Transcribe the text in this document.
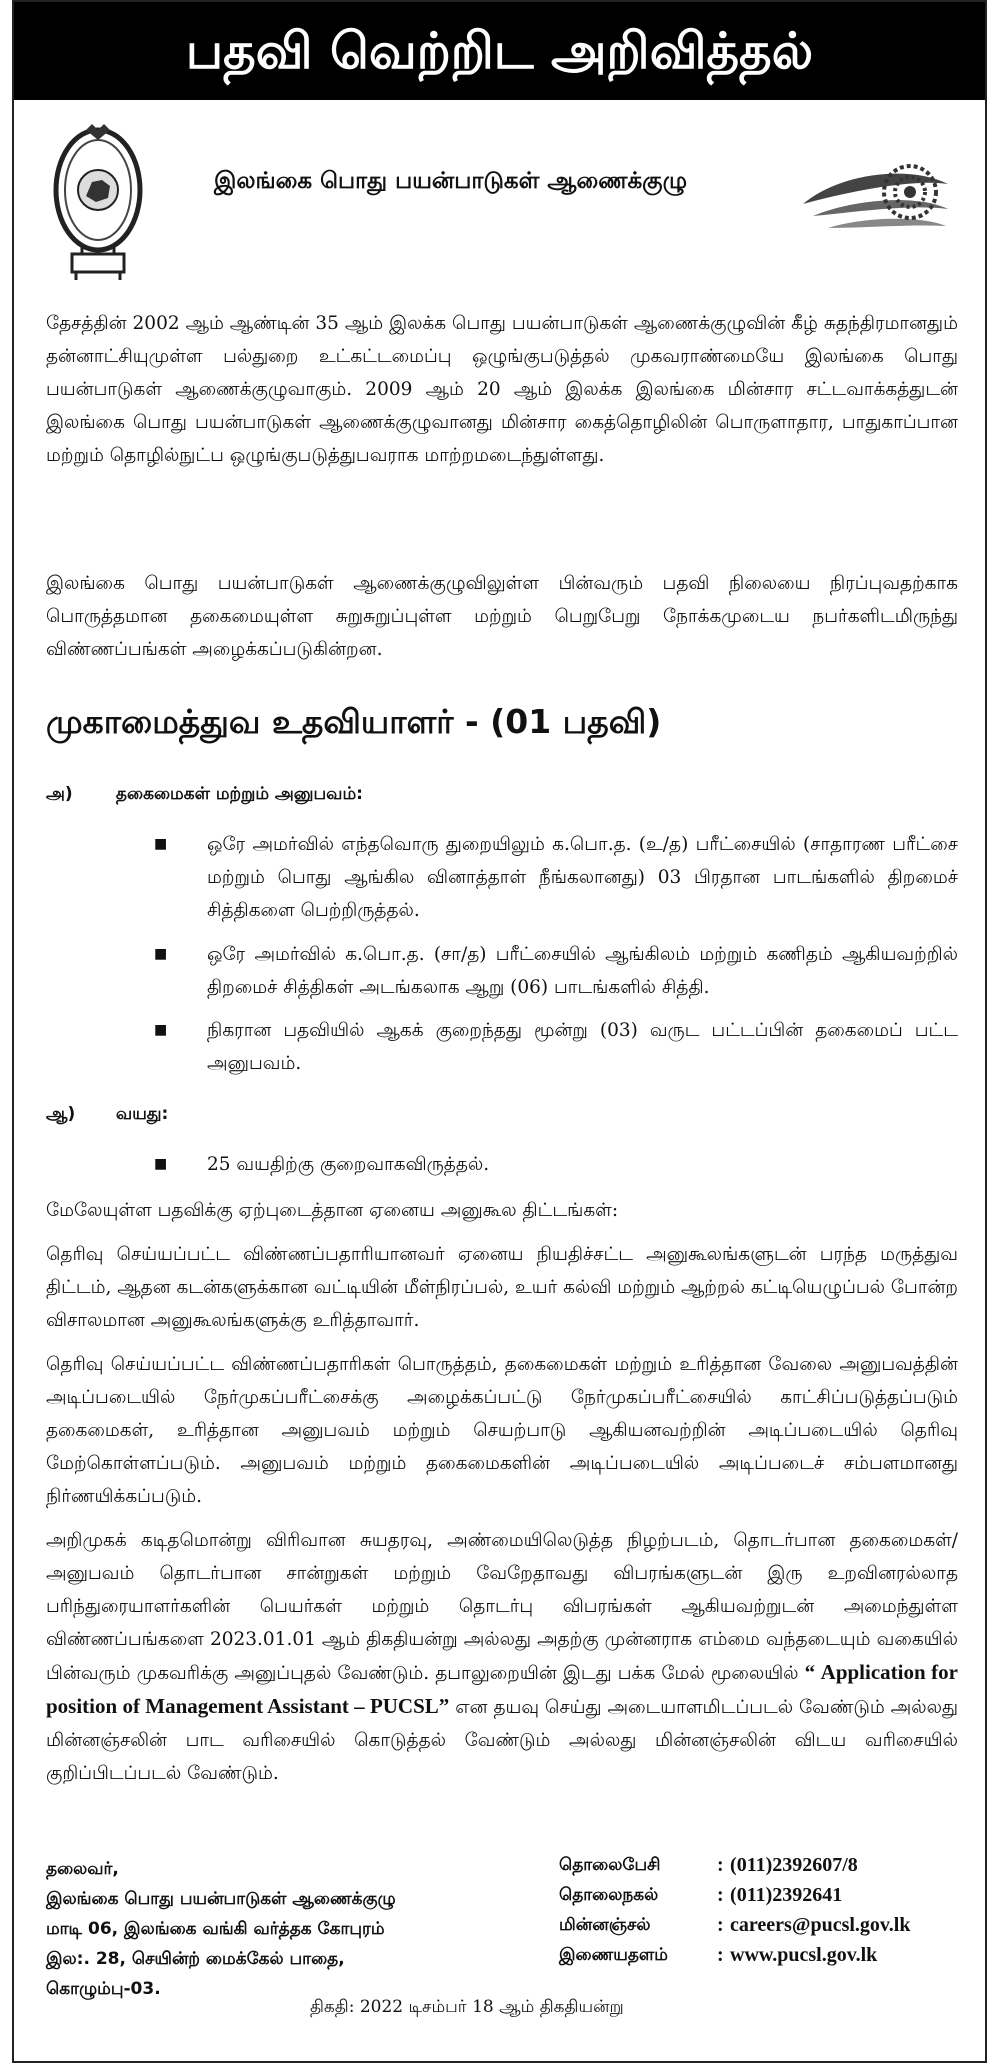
பதவி வெற்றிட அறிவித்தல்
இலங்கை பொது பயன்பாடுகள் ஆணைக்குழு

தேசத்தின் 2002 ஆம் ஆண்டின் 35 ஆம் இலக்க பொது பயன்பாடுகள் ஆணைக்குழுவின் கீழ் சுதந்திரமானதும் தன்னாட்சியுமுள்ள பல்துறை உட்கட்டமைப்பு ஒழுங்குபடுத்தல் முகவராண்மையே இலங்கை பொது பயன்பாடுகள் ஆணைக்குழுவாகும். 2009 ஆம் 20 ஆம் இலக்க இலங்கை மின்சார சட்டவாக்கத்துடன் இலங்கை பொது பயன்பாடுகள் ஆணைக்குழுவானது மின்சார கைத்தொழிலின் பொருளாதார, பாதுகாப்பான மற்றும் தொழில்நுட்ப ஒழுங்குபடுத்துபவராக மாற்றமடைந்துள்ளது.

இலங்கை பொது பயன்பாடுகள் ஆணைக்குழுவிலுள்ள பின்வரும் பதவி நிலையை நிரப்புவதற்காக பொருத்தமான தகைமையுள்ள சுறுசுறுப்புள்ள மற்றும் பெறுபேறு நோக்கமுடைய நபர்களிடமிருந்து விண்ணப்பங்கள் அழைக்கப்படுகின்றன.

முகாமைத்துவ உதவியாளர் - (01 பதவி)
அ)	தகைமைகள் மற்றும் அனுபவம்:
■ ஒரே அமர்வில் எந்தவொரு துறையிலும் க.பொ.த. (உ/த) பரீட்சையில் (சாதாரண பரீட்சை மற்றும் பொது ஆங்கில வினாத்தாள் நீங்கலானது) 03 பிரதான பாடங்களில் திறமைச் சித்திகளை பெற்றிருத்தல்.
■ ஒரே அமர்வில் க.பொ.த. (சா/த) பரீட்சையில் ஆங்கிலம் மற்றும் கணிதம் ஆகியவற்றில் திறமைச் சித்திகள் அடங்கலாக ஆறு (06) பாடங்களில் சித்தி.
■ நிகரான பதவியில் ஆகக் குறைந்தது மூன்று (03) வருட பட்டப்பின் தகைமைப் பட்ட அனுபவம்.
ஆ) வயது:
■ 25 வயதிற்கு குறைவாகவிருத்தல்.

மேலேயுள்ள பதவிக்கு ஏற்புடைத்தான ஏனைய அனுகூல திட்டங்கள்:

தெரிவு செய்யப்பட்ட விண்ணப்பதாரியானவர் ஏனைய நியதிச்சட்ட அனுகூலங்களுடன் பரந்த மருத்துவ திட்டம், ஆதன கடன்களுக்கான வட்டியின் மீள்நிரப்பல், உயர் கல்வி மற்றும் ஆற்றல் கட்டியெழுப்பல் போன்ற விசாலமான அனுகூலங்களுக்கு உரித்தாவார்.

தெரிவு செய்யப்பட்ட விண்ணப்பதாரிகள் பொருத்தம், தகைமைகள் மற்றும் உரித்தான வேலை அனுபவத்தின் அடிப்படையில் நேர்முகப்பரீட்சைக்கு அழைக்கப்பட்டு நேர்முகப்பரீட்சையில் காட்சிப்படுத்தப்படும் தகைமைகள், உரித்தான அனுபவம் மற்றும் செயற்பாடு ஆகியனவற்றின் அடிப்படையில் தெரிவு மேற்கொள்ளப்படும். அனுபவம் மற்றும் தகைமைகளின் அடிப்படையில் அடிப்படைச் சம்பளமானது நிர்ணயிக்கப்படும்.

அறிமுகக் கடிதமொன்று விரிவான சுயதரவு, அண்மையிலெடுத்த நிழற்படம், தொடர்பான தகைமைகள்/அனுபவம் தொடர்பான சான்றுகள் மற்றும் வேறேதாவது விபரங்களுடன் இரு உறவினரல்லாத பரிந்துரையாளர்களின் பெயர்கள் மற்றும் தொடர்பு விபரங்கள் ஆகியவற்றுடன் அமைந்துள்ள விண்ணப்பங்களை 2023.01.01 ஆம் திகதியன்று அல்லது அதற்கு முன்னராக எம்மை வந்தடையும் வகையில் பின்வரும் முகவரிக்கு அனுப்புதல் வேண்டும். தபாலுறையின் இடது பக்க மேல் மூலையில் “ Application for position of Management Assistant – PUCSL” என தயவு செய்து அடையாளமிடப்படல் வேண்டும் அல்லது மின்னஞ்சலின் பாட வரிசையில் கொடுத்தல் வேண்டும் அல்லது மின்னஞ்சலின் விடய வரிசையில் குறிப்பிடப்படல் வேண்டும்.

தலைவர்,
இலங்கை பொது பயன்பாடுகள் ஆணைக்குழு
மாடி 06, இலங்கை வங்கி வர்த்தக கோபுரம்
இல:. 28, செயின்ற் மைக்கேல் பாதை,
கொழும்பு-03.
தொலைபேசி	:
(011)2392607/8
தொலைநகல்	:
(011)2392641
மின்னஞ்சல்	:
careers@pucsl.gov.lk
இணையதளம்	:
www.pucsl.gov.lk
திகதி: 2022 டிசம்பர் 18 ஆம் திகதியன்று
